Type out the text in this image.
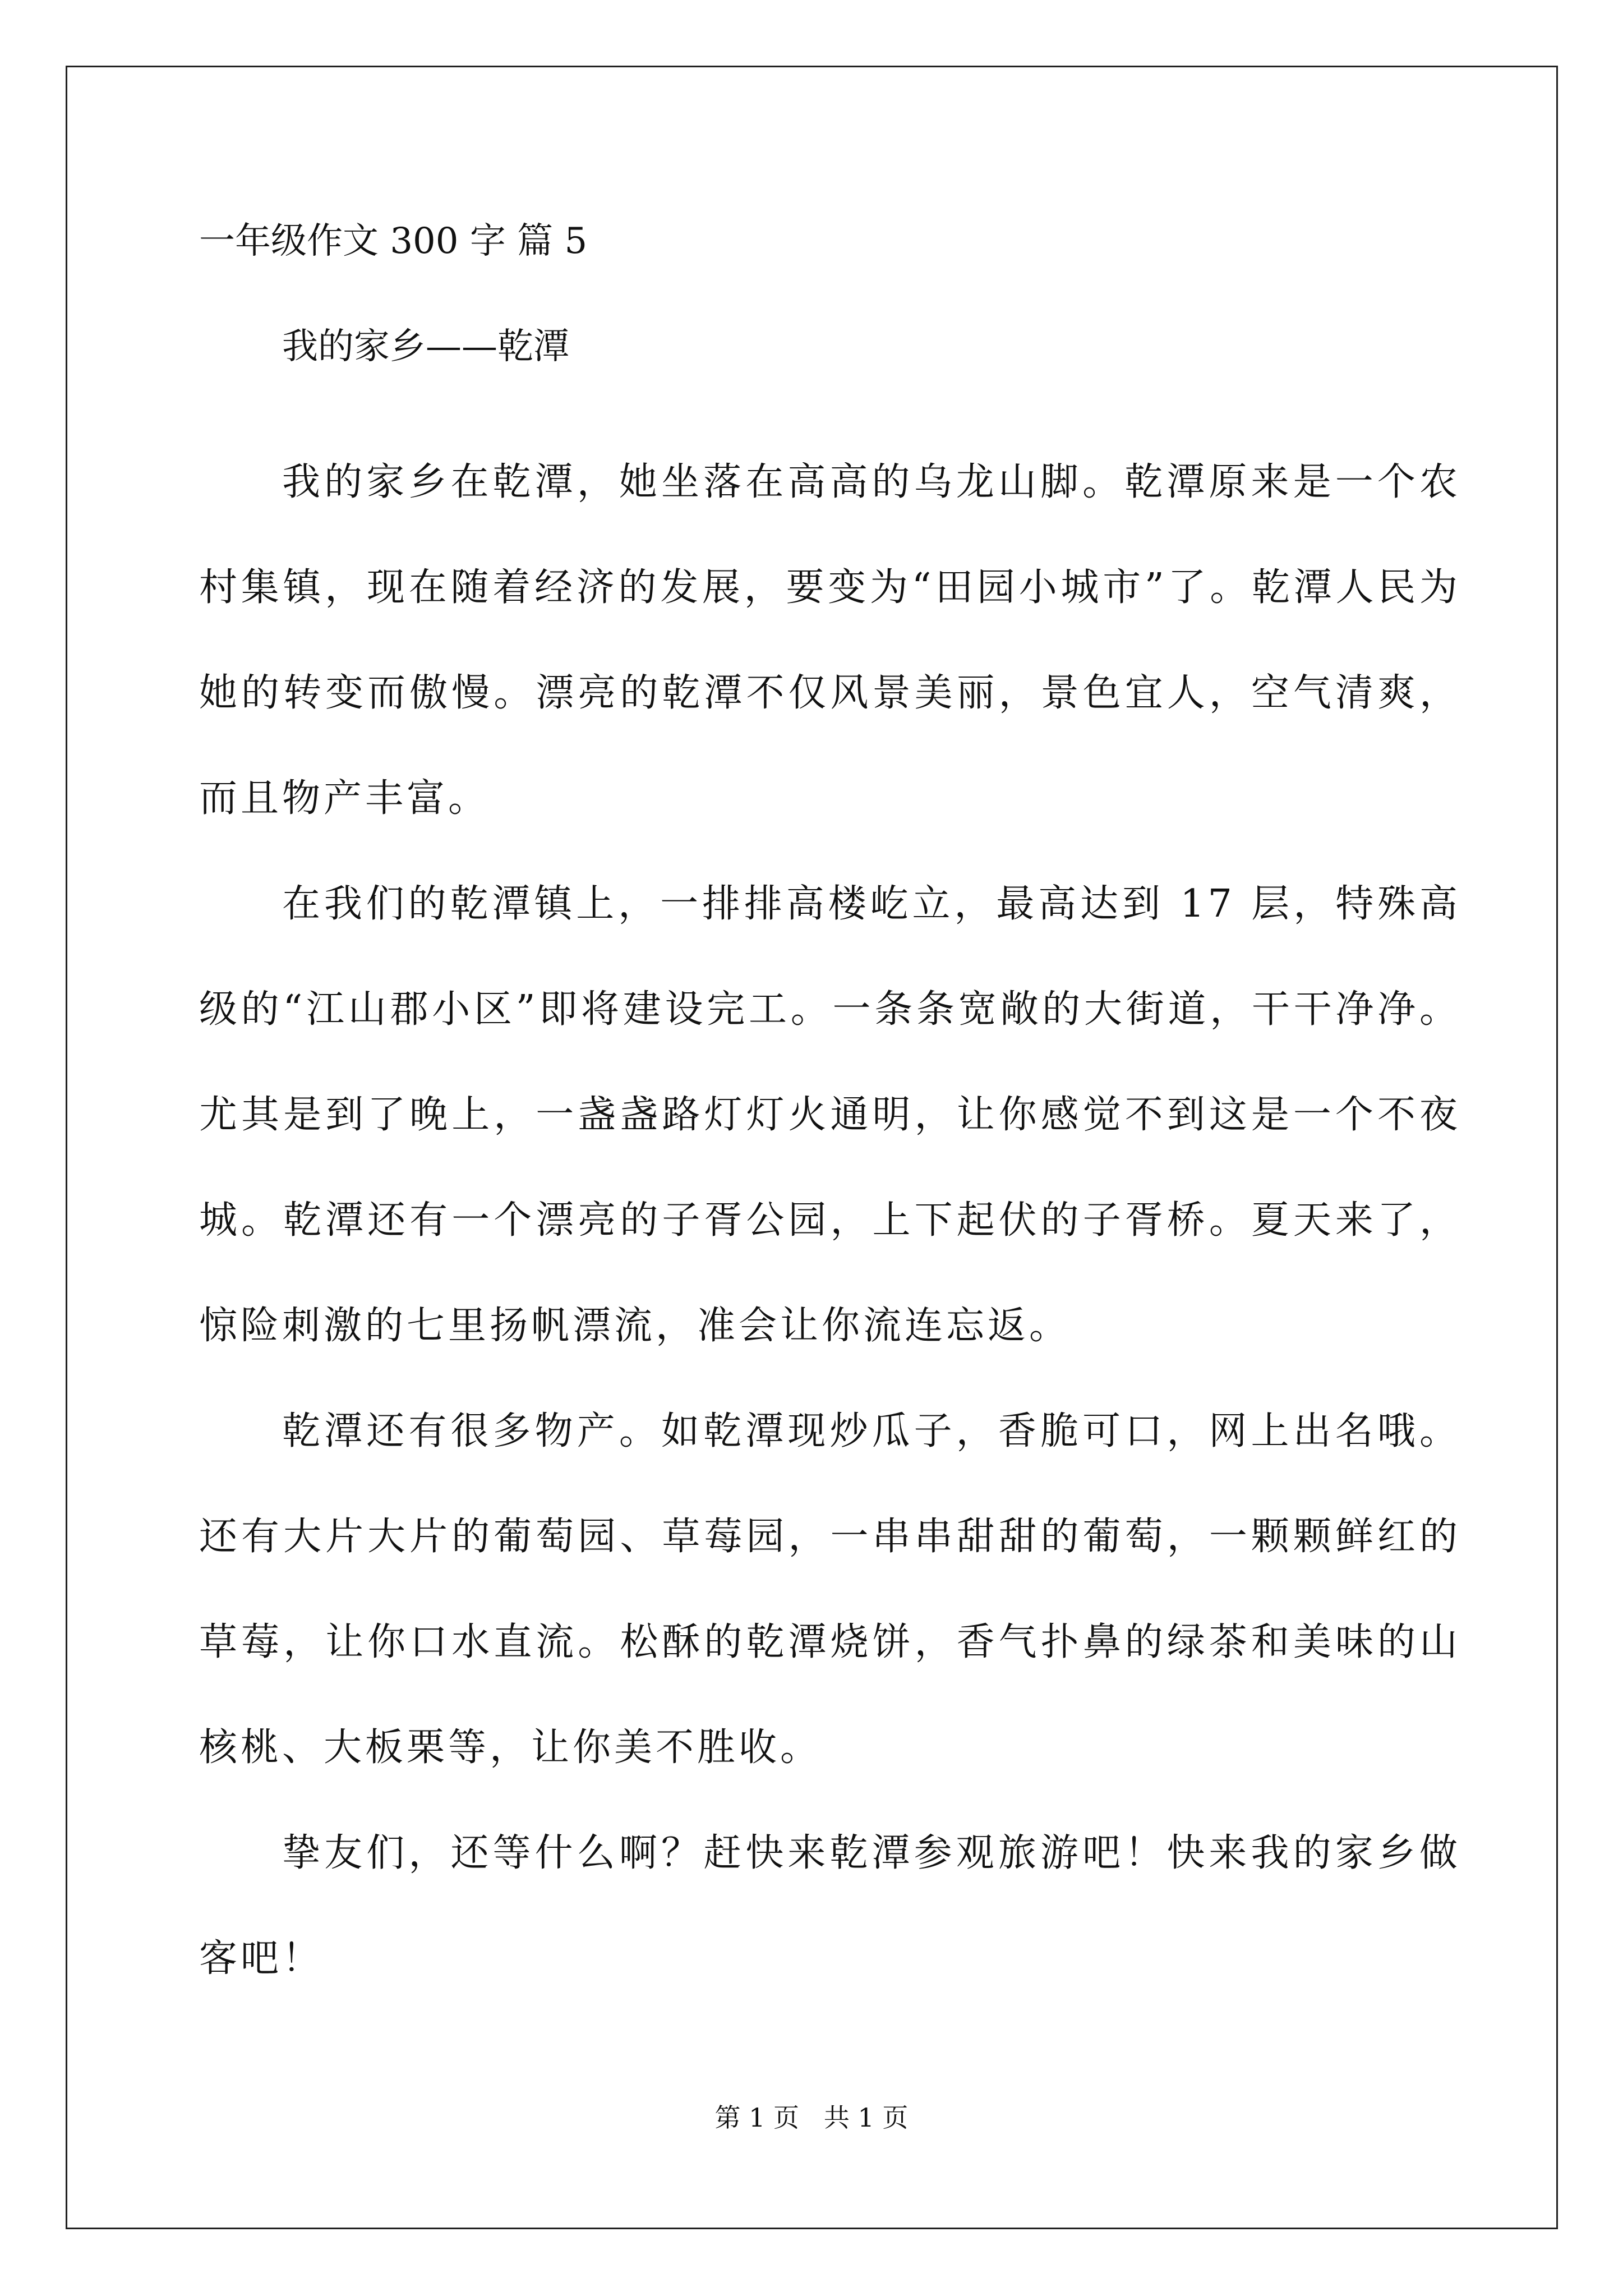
一年级作文 300 字 篇 5
我的家乡——乾潭

我的家乡在乾潭，她坐落在高高的乌龙山脚。乾潭原来是一个农村集镇，现在随着经济的发展，要变为“田园小城市”了。乾潭人民为她的转变而傲慢。漂亮的乾潭不仅风景美丽，景色宜人，空气清爽，而且物产丰富。

在我们的乾潭镇上，一排排高楼屹立，最高达到 17 层，特殊高级的“江山郡小区”即将建设完工。一条条宽敞的大街道，干干净净。尤其是到了晚上，一盏盏路灯灯火通明，让你感觉不到这是一个不夜城。乾潭还有一个漂亮的子胥公园，上下起伏的子胥桥。夏天来了，惊险刺激的七里扬帆漂流，准会让你流连忘返。

乾潭还有很多物产。如乾潭现炒瓜子，香脆可口，网上出名哦。还有大片大片的葡萄园、草莓园，一串串甜甜的葡萄，一颗颗鲜红的草莓，让你口水直流。松酥的乾潭烧饼，香气扑鼻的绿茶和美味的山核桃、大板栗等，让你美不胜收。

挚友们，还等什么啊？赶快来乾潭参观旅游吧！快来我的家乡做客吧！

第 1 页   共 1 页
